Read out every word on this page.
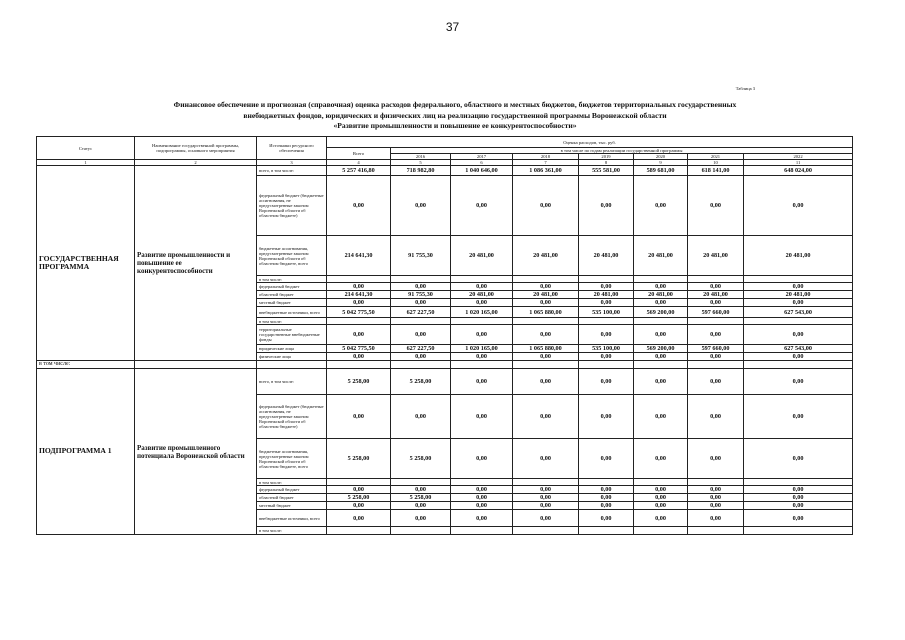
37
Таблица 3
Финансовое обеспечение и прогнозная (справочная) оценка расходов федерального, областного и местных бюджетов, бюджетов территориальных государственных
внебюджетных фондов, юридических и физических лиц на реализацию государственной программы Воронежской области
«Развитие промышленности и повышение ее конкурентоспособности»
Статус	Наименование государственной программы, подпрограммы, основного мероприятия	Источники ресурсного обеспечения	Оценка расходов, тыс. руб.							
			Всего	в том числе по годам реализации государственной программы						
				2016	2017	2018	2019	2020	2021	2022
1	2	3	4	5	6	7	8	9	10	11
ГОСУДАРСТВЕННАЯ ПРОГРАММА	Развитие промышленности и повышение ее конкурентоспособности	всего, в том числе:	5 257 416,80	718 982,80	1 040 646,00	1 086 361,00	555 581,00	589 681,00	618 141,00	648 024,00
		федеральный бюджет (бюджетные ассигнования, не предусмотренные законом Воронежской области об областном бюджете)	0,00	0,00	0,00	0,00	0,00	0,00	0,00	0,00
		бюджетные ассигнования, предусмотренные законом Воронежской области об областном бюджете, всего	214 641,30	91 755,30	20 481,00	20 481,00	20 481,00	20 481,00	20 481,00	20 481,00
		в том числе:								
		федеральный бюджет	0,00	0,00	0,00	0,00	0,00	0,00	0,00	0,00
		областной бюджет	214 641,30	91 755,30	20 481,00	20 481,00	20 481,00	20 481,00	20 481,00	20 481,00
		местный бюджет	0,00	0,00	0,00	0,00	0,00	0,00	0,00	0,00
		внебюджетные источники, всего	5 042 775,50	627 227,50	1 020 165,00	1 065 880,00	535 100,00	569 200,00	597 660,00	627 543,00
		в том числе:								
		территориальные государственные внебюджетные фонды	0,00	0,00	0,00	0,00	0,00	0,00	0,00	0,00
		юридические лица	5 042 775,50	627 227,50	1 020 165,00	1 065 880,00	535 100,00	569 200,00	597 660,00	627 543,00
		физические лица	0,00	0,00	0,00	0,00	0,00	0,00	0,00	0,00
в том числе:										
ПОДПРОГРАММА 1	Развитие промышленного потенциала Воронежской области	всего, в том числе:	5 258,00	5 258,00	0,00	0,00	0,00	0,00	0,00	0,00
		федеральный бюджет (бюджетные ассигнования, не предусмотренные законом Воронежской области об областном бюджете)	0,00	0,00	0,00	0,00	0,00	0,00	0,00	0,00
		бюджетные ассигнования, предусмотренные законом Воронежской области об областном бюджете, всего	5 258,00	5 258,00	0,00	0,00	0,00	0,00	0,00	0,00
		в том числе:								
		федеральный бюджет	0,00	0,00	0,00	0,00	0,00	0,00	0,00	0,00
		областной бюджет	5 258,00	5 258,00	0,00	0,00	0,00	0,00	0,00	0,00
		местный бюджет	0,00	0,00	0,00	0,00	0,00	0,00	0,00	0,00
		внебюджетные источники, всего	0,00	0,00	0,00	0,00	0,00	0,00	0,00	0,00
		в том числе:								
